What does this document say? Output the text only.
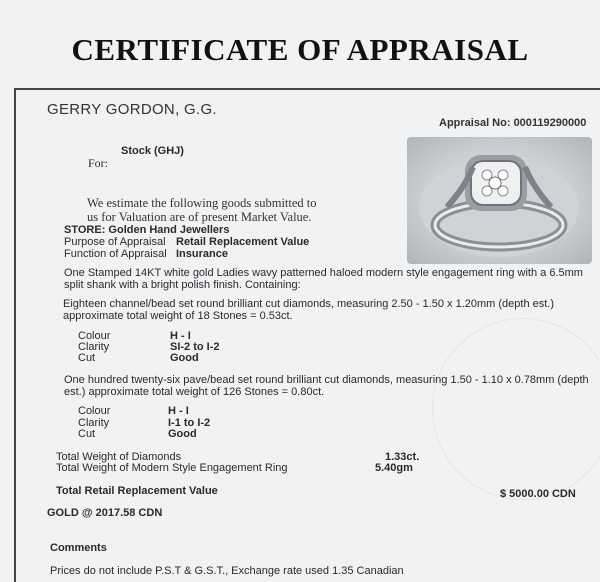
CERTIFICATE OF APPRAISAL
GERRY GORDON, G.G.
Appraisal No: 000119290000
Stock (GHJ)
For:
We estimate the following goods submitted to
us for Valuation are of present Market Value.
STORE: Golden Hand Jewellers
Purpose of Appraisal Retail Replacement Value
Function of Appraisal Insurance
One Stamped 14KT white gold Ladies wavy patterned haloed modern style engagement ring with a 6.5mm
split shank with a bright polish finish. Containing:
Eighteen channel/bead set round brilliant cut diamonds, measuring 2.50 - 1.50 x 1.20mm (depth est.)
approximate total weight of 18 Stones = 0.53ct.
Colour	H - I
Clarity	SI-2 to I-2
Cut	Good
One hundred twenty-six pave/bead set round brilliant cut diamonds, measuring 1.50 - 1.10 x 0.78mm (depth
est.) approximate total weight of 126 Stones = 0.80ct.
Colour	H - I
Clarity	I-1 to I-2
Cut	Good
Total Weight of Diamonds	1.33ct.
Total Weight of Modern Style Engagement Ring	5.40gm
Total Retail Replacement Value	$ 5000.00 CDN
GOLD @ 2017.58 CDN
Comments
Prices do not include P.S.T & G.S.T., Exchange rate used 1.35 Canadian
